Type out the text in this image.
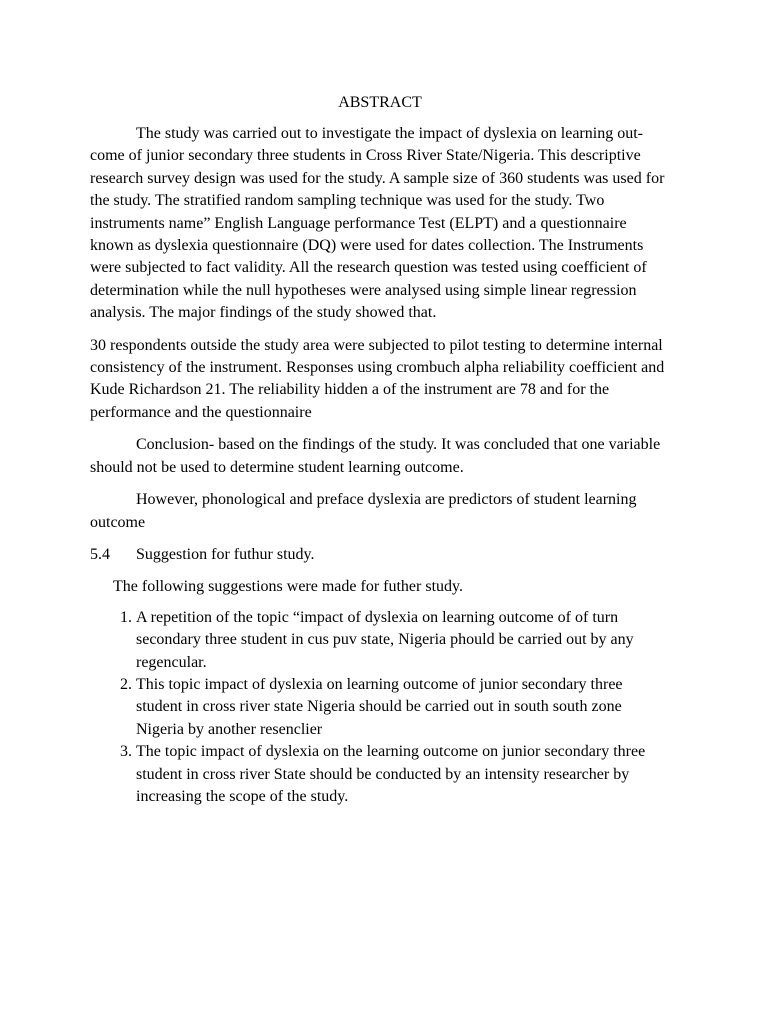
ABSTRACT

The study was carried out to investigate the impact of dyslexia on learning out-come of junior secondary three students in Cross River State/Nigeria. This descriptive research survey design was used for the study. A sample size of 360 students was used for the study. The stratified random sampling technique was used for the study. Two instruments name” English Language performance Test (ELPT) and a questionnaire known as dyslexia questionnaire (DQ) were used for dates collection. The Instruments were subjected to fact validity. All the research question was tested using coefficient of determination while the null hypotheses were analysed using simple linear regression analysis. The major findings of the study showed that.

30 respondents outside the study area were subjected to pilot testing to determine internal consistency of the instrument. Responses using crombuch alpha reliability coefficient and Kude Richardson 21. The reliability hidden a of the instrument are 78 and for the performance and the questionnaire

Conclusion- based on the findings of the study. It was concluded that one variable should not be used to determine student learning outcome.

However, phonological and preface dyslexia are predictors of student learning outcome

5.4	Suggestion for futhur study.
The following suggestions were made for futher study.
1. A repetition of the topic “impact of dyslexia on learning outcome of of turn secondary three student in cus puv state, Nigeria phould be carried out by any regencular.
2. This topic impact of dyslexia on learning outcome of junior secondary three student in cross river state Nigeria should be carried out in south south zone Nigeria by another resenclier
3. The topic impact of dyslexia on the learning outcome on junior secondary three student in cross river State should be conducted by an intensity researcher by increasing the scope of the study.
